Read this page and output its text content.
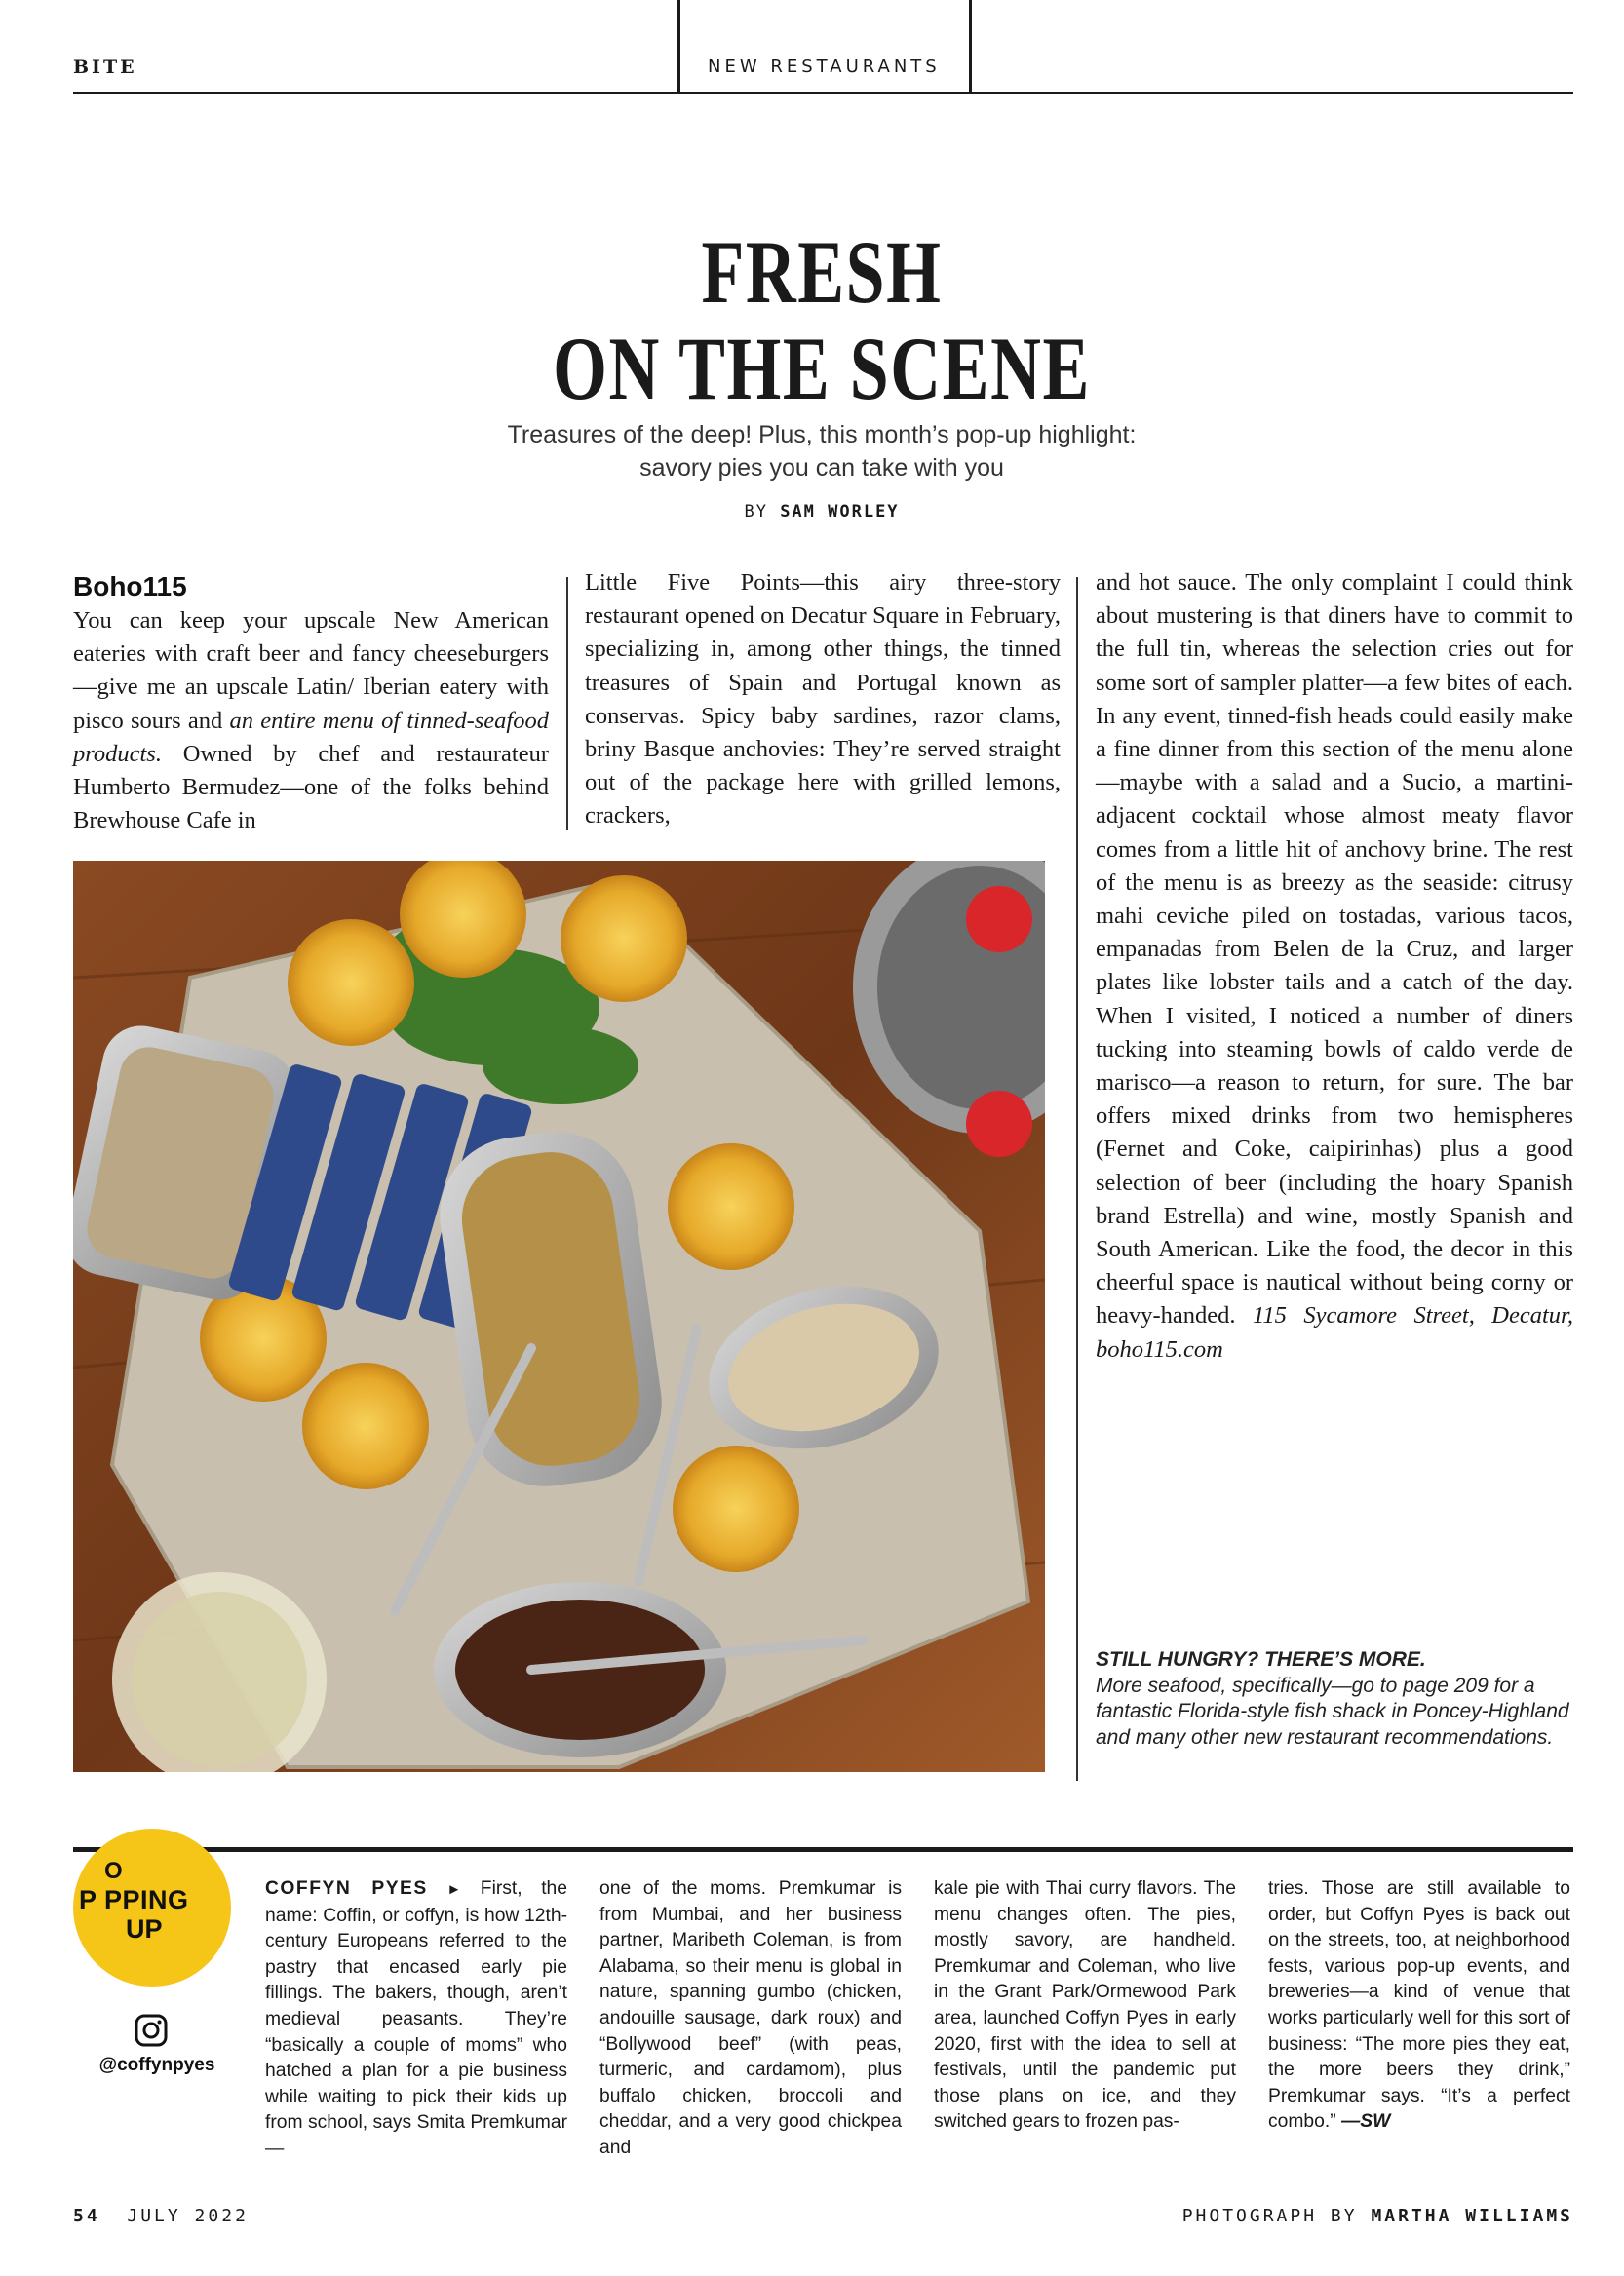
BITE	NEW RESTAURANTS
FRESH
ON THE SCENE
Treasures of the deep! Plus, this month’s pop-up highlight:
savory pies you can take with you
BY SAM WORLEY
Boho115

You can keep your upscale New American eateries with craft beer and fancy cheeseburgers—give me an upscale Latin/ Iberian eatery with pisco sours and an entire menu of tinned-seafood products. Owned by chef and restaurateur Humberto Bermudez—one of the folks behind Brewhouse Cafe in

Little Five Points—this airy three-story restaurant opened on Decatur Square in February, specializing in, among other things, the tinned treasures of Spain and Portugal known as conservas. Spicy baby sardines, razor clams, briny Basque anchovies: They’re served straight out of the package here with grilled lemons, crackers,

and hot sauce. The only complaint I could think about mustering is that diners have to commit to the full tin, whereas the selection cries out for some sort of sampler platter—a few bites of each. In any event, tinned-fish heads could easily make a fine dinner from this section of the menu alone—maybe with a salad and a Sucio, a martini-adjacent cocktail whose almost meaty flavor comes from a little hit of anchovy brine. The rest of the menu is as breezy as the seaside: citrusy mahi ceviche piled on tostadas, various tacos, empanadas from Belen de la Cruz, and larger plates like lobster tails and a catch of the day. When I visited, I noticed a number of diners tucking into steaming bowls of caldo verde de marisco—a reason to return, for sure. The bar offers mixed drinks from two hemispheres (Fernet and Coke, caipirinhas) plus a good selection of beer (including the hoary Spanish brand Estrella) and wine, mostly Spanish and South American. Like the food, the decor in this cheerful space is nautical without being corny or heavy-handed. 115 Sycamore Street, Decatur, boho115.com

STILL HUNGRY? THERE’S MORE.
More seafood, specifically—go to page 209 for a fantastic Florida-style fish shack in Poncey-Highland and many other new restaurant recommendations.
O
P PPING
UP
@coffynpyes
COFFYN PYES ► First, the name: Coffin, or coffyn, is how 12th-century Europeans referred to the pastry that encased early pie fillings. The bakers, though, aren’t medieval peasants. They’re “basically a couple of moms” who hatched a plan for a pie business while waiting to pick their kids up from school, says Smita Premkumar—
one of the moms. Premkumar is from Mumbai, and her business partner, Maribeth Coleman, is from Alabama, so their menu is global in nature, spanning gumbo (chicken, andouille sausage, dark roux) and “Bollywood beef” (with peas, turmeric, and cardamom), plus buffalo chicken, broccoli and cheddar, and a very good chickpea and
kale pie with Thai curry flavors. The menu changes often. The pies, mostly savory, are handheld. Premkumar and Coleman, who live in the Grant Park/Ormewood Park area, launched Coffyn Pyes in early 2020, first with the idea to sell at festivals, until the pandemic put those plans on ice, and they switched gears to frozen pas-
tries. Those are still available to order, but Coffyn Pyes is back out on the streets, too, at neighborhood fests, various pop-up events, and breweries—a kind of venue that works particularly well for this sort of business: “The more pies they eat, the more beers they drink,” Premkumar says. “It’s a perfect combo.” —SW
54 JULY 2022	PHOTOGRAPH BY MARTHA WILLIAMS
